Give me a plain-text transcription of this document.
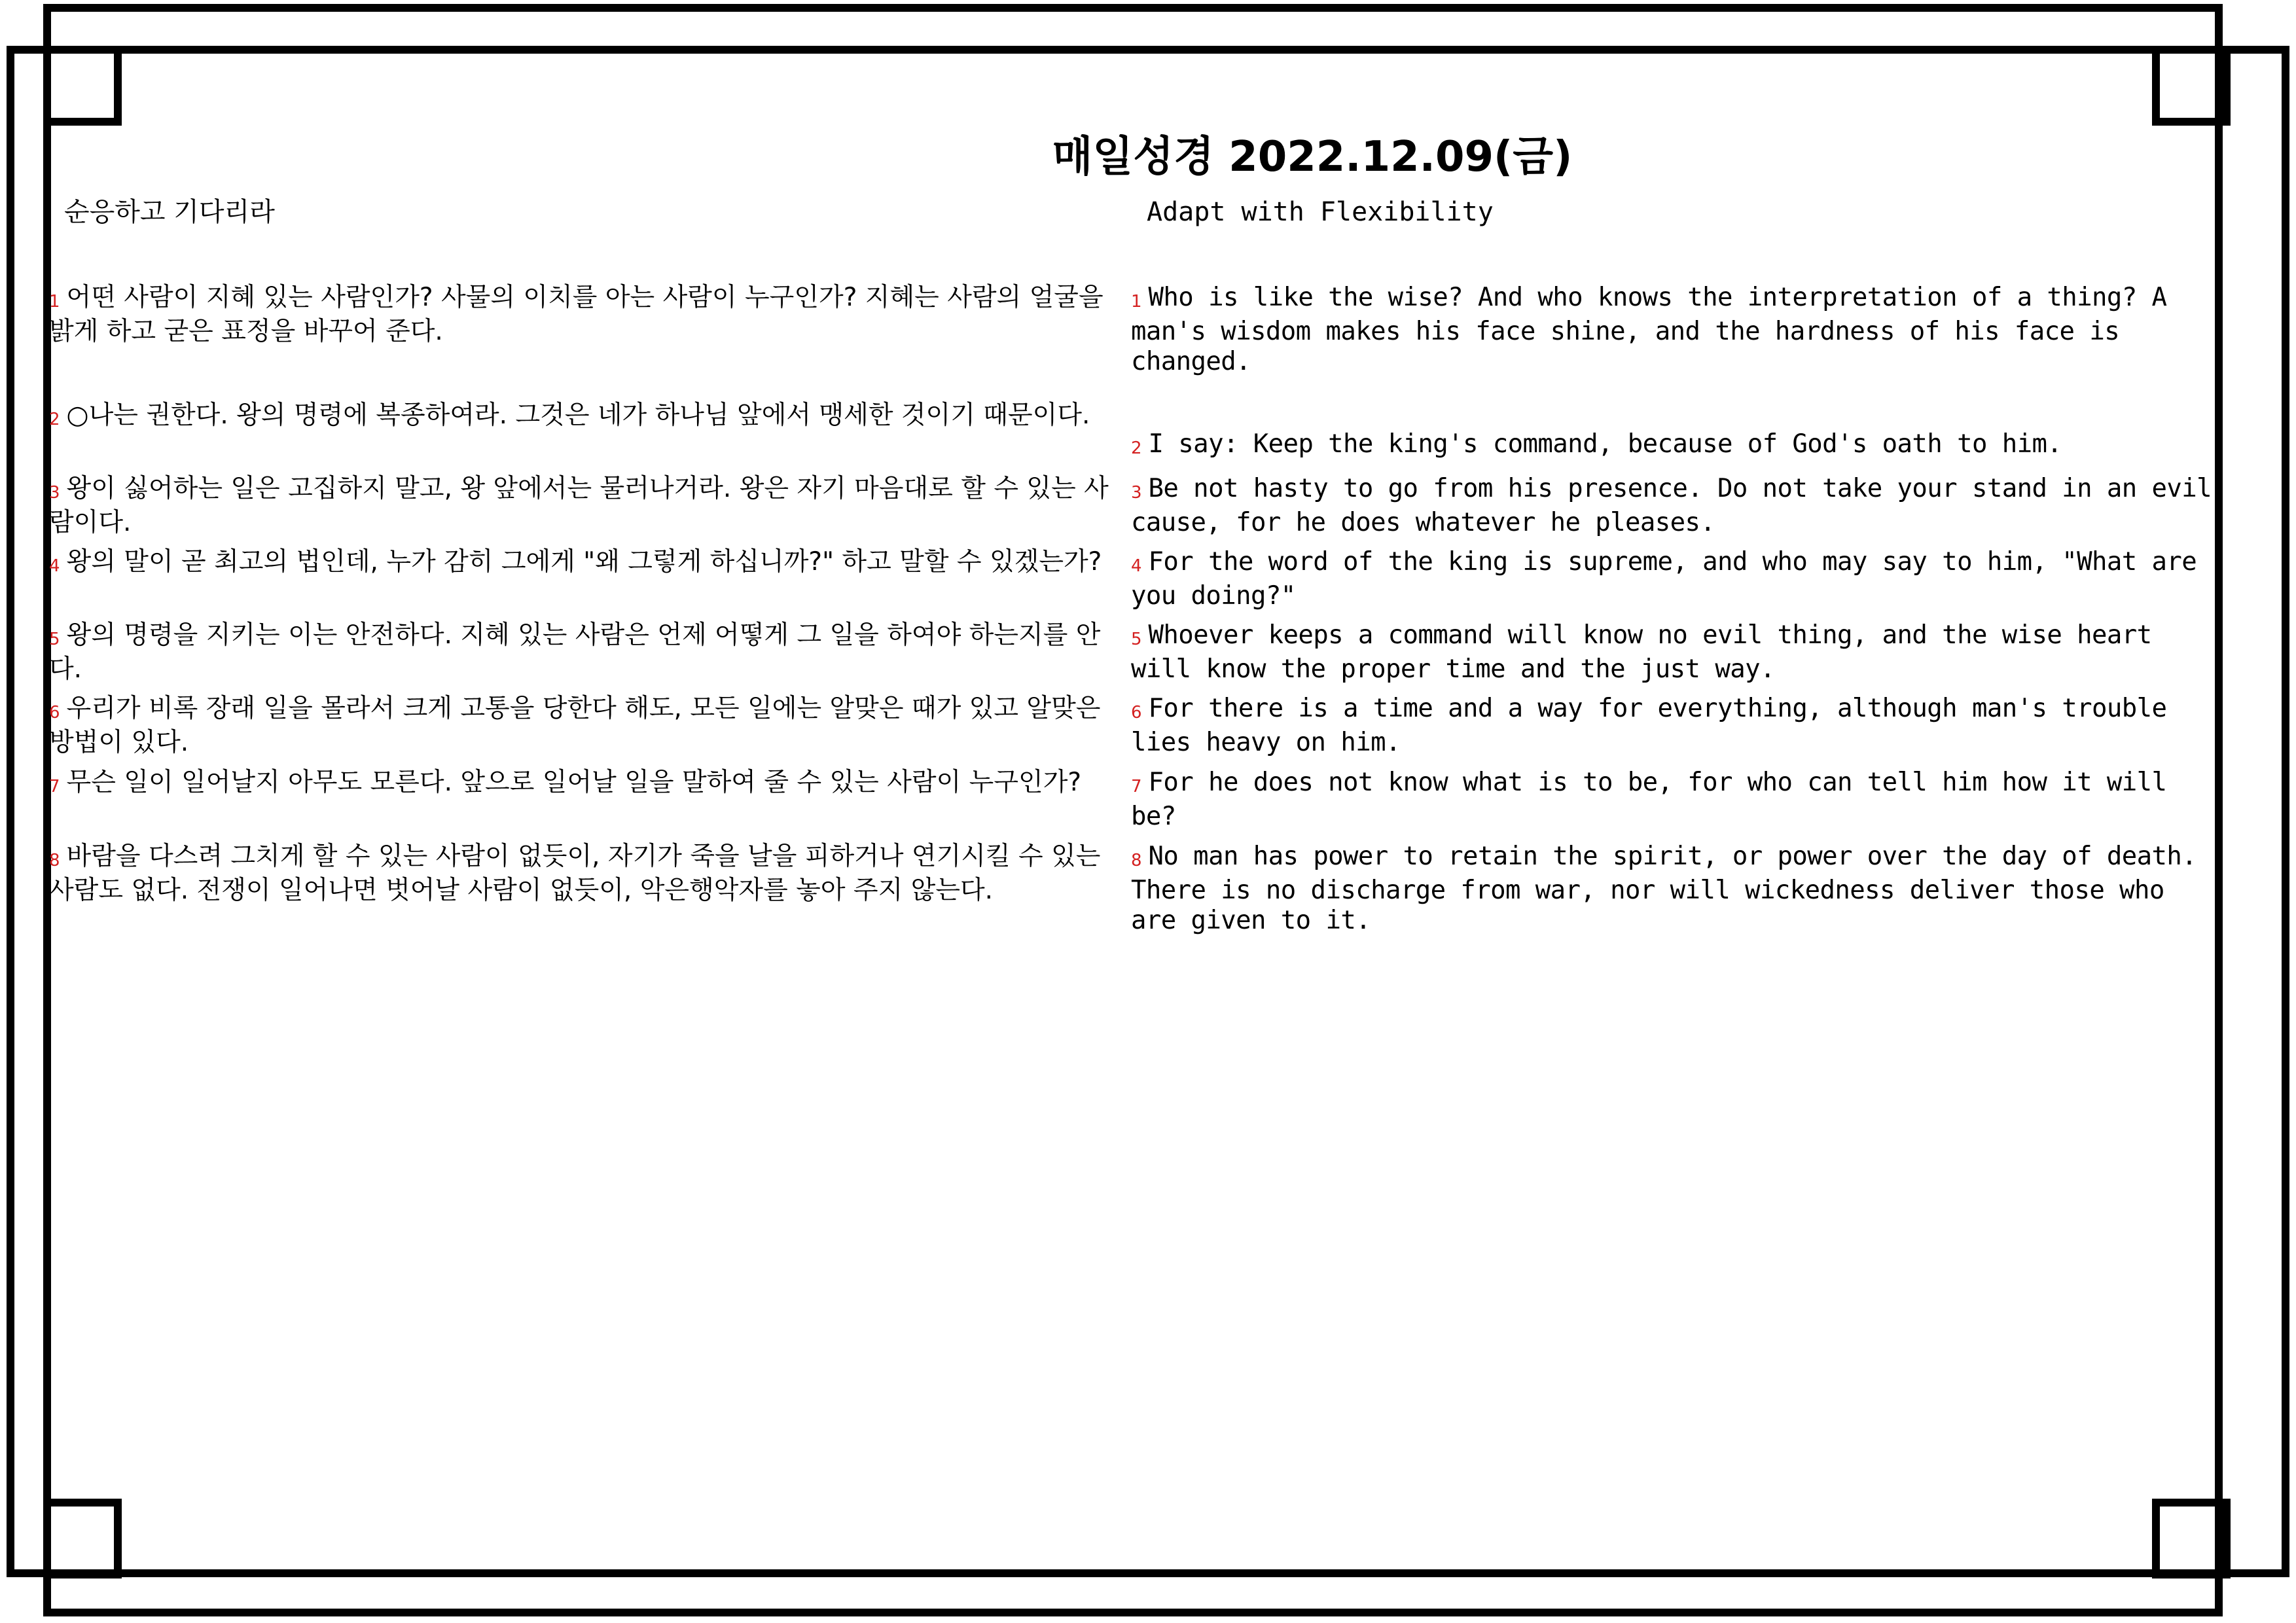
매일성경 2022.12.09(금)
순응하고 기다리라	Adapt with Flexibility
1 어떤 사람이 지혜 있는 사람인가? 사물의 이치를 아는 사람이 누구인가? 지혜는 사람의 얼굴을 밝게 하고 굳은 표정을 바꾸어 준다.
2 ○나는 권한다. 왕의 명령에 복종하여라. 그것은 네가 하나님 앞에서 맹세한 것이기 때문이다.
3 왕이 싫어하는 일은 고집하지 말고, 왕 앞에서는 물러나거라. 왕은 자기 마음대로 할 수 있는 사람이다.
4 왕의 말이 곧 최고의 법인데, 누가 감히 그에게 "왜 그렇게 하십니까?" 하고 말할 수 있겠는가?
5 왕의 명령을 지키는 이는 안전하다. 지혜 있는 사람은 언제 어떻게 그 일을 하여야 하는지를 안다.
6 우리가 비록 장래 일을 몰라서 크게 고통을 당한다 해도, 모든 일에는 알맞은 때가 있고 알맞은 방법이 있다.
7 무슨 일이 일어날지 아무도 모른다. 앞으로 일어날 일을 말하여 줄 수 있는 사람이 누구인가?
8 바람을 다스려 그치게 할 수 있는 사람이 없듯이, 자기가 죽을 날을 피하거나 연기시킬 수 있는 사람도 없다. 전쟁이 일어나면 벗어날 사람이 없듯이, 악은행악자를 놓아 주지 않는다.
1 Who is like the wise? And who knows the interpretation of a thing? A man's wisdom makes his face shine, and the hardness of his face is changed.
2 I say: Keep the king's command, because of God's oath to him.
3 Be not hasty to go from his presence. Do not take your stand in an evil cause, for he does whatever he pleases.
4 For the word of the king is supreme, and who may say to him, "What are you doing?"
5 Whoever keeps a command will know no evil thing, and the wise heart will know the proper time and the just way.
6 For there is a time and a way for everything, although man's trouble lies heavy on him.
7 For he does not know what is to be, for who can tell him how it will be?
8 No man has power to retain the spirit, or power over the day of death. There is no discharge from war, nor will wickedness deliver those who are given to it.
